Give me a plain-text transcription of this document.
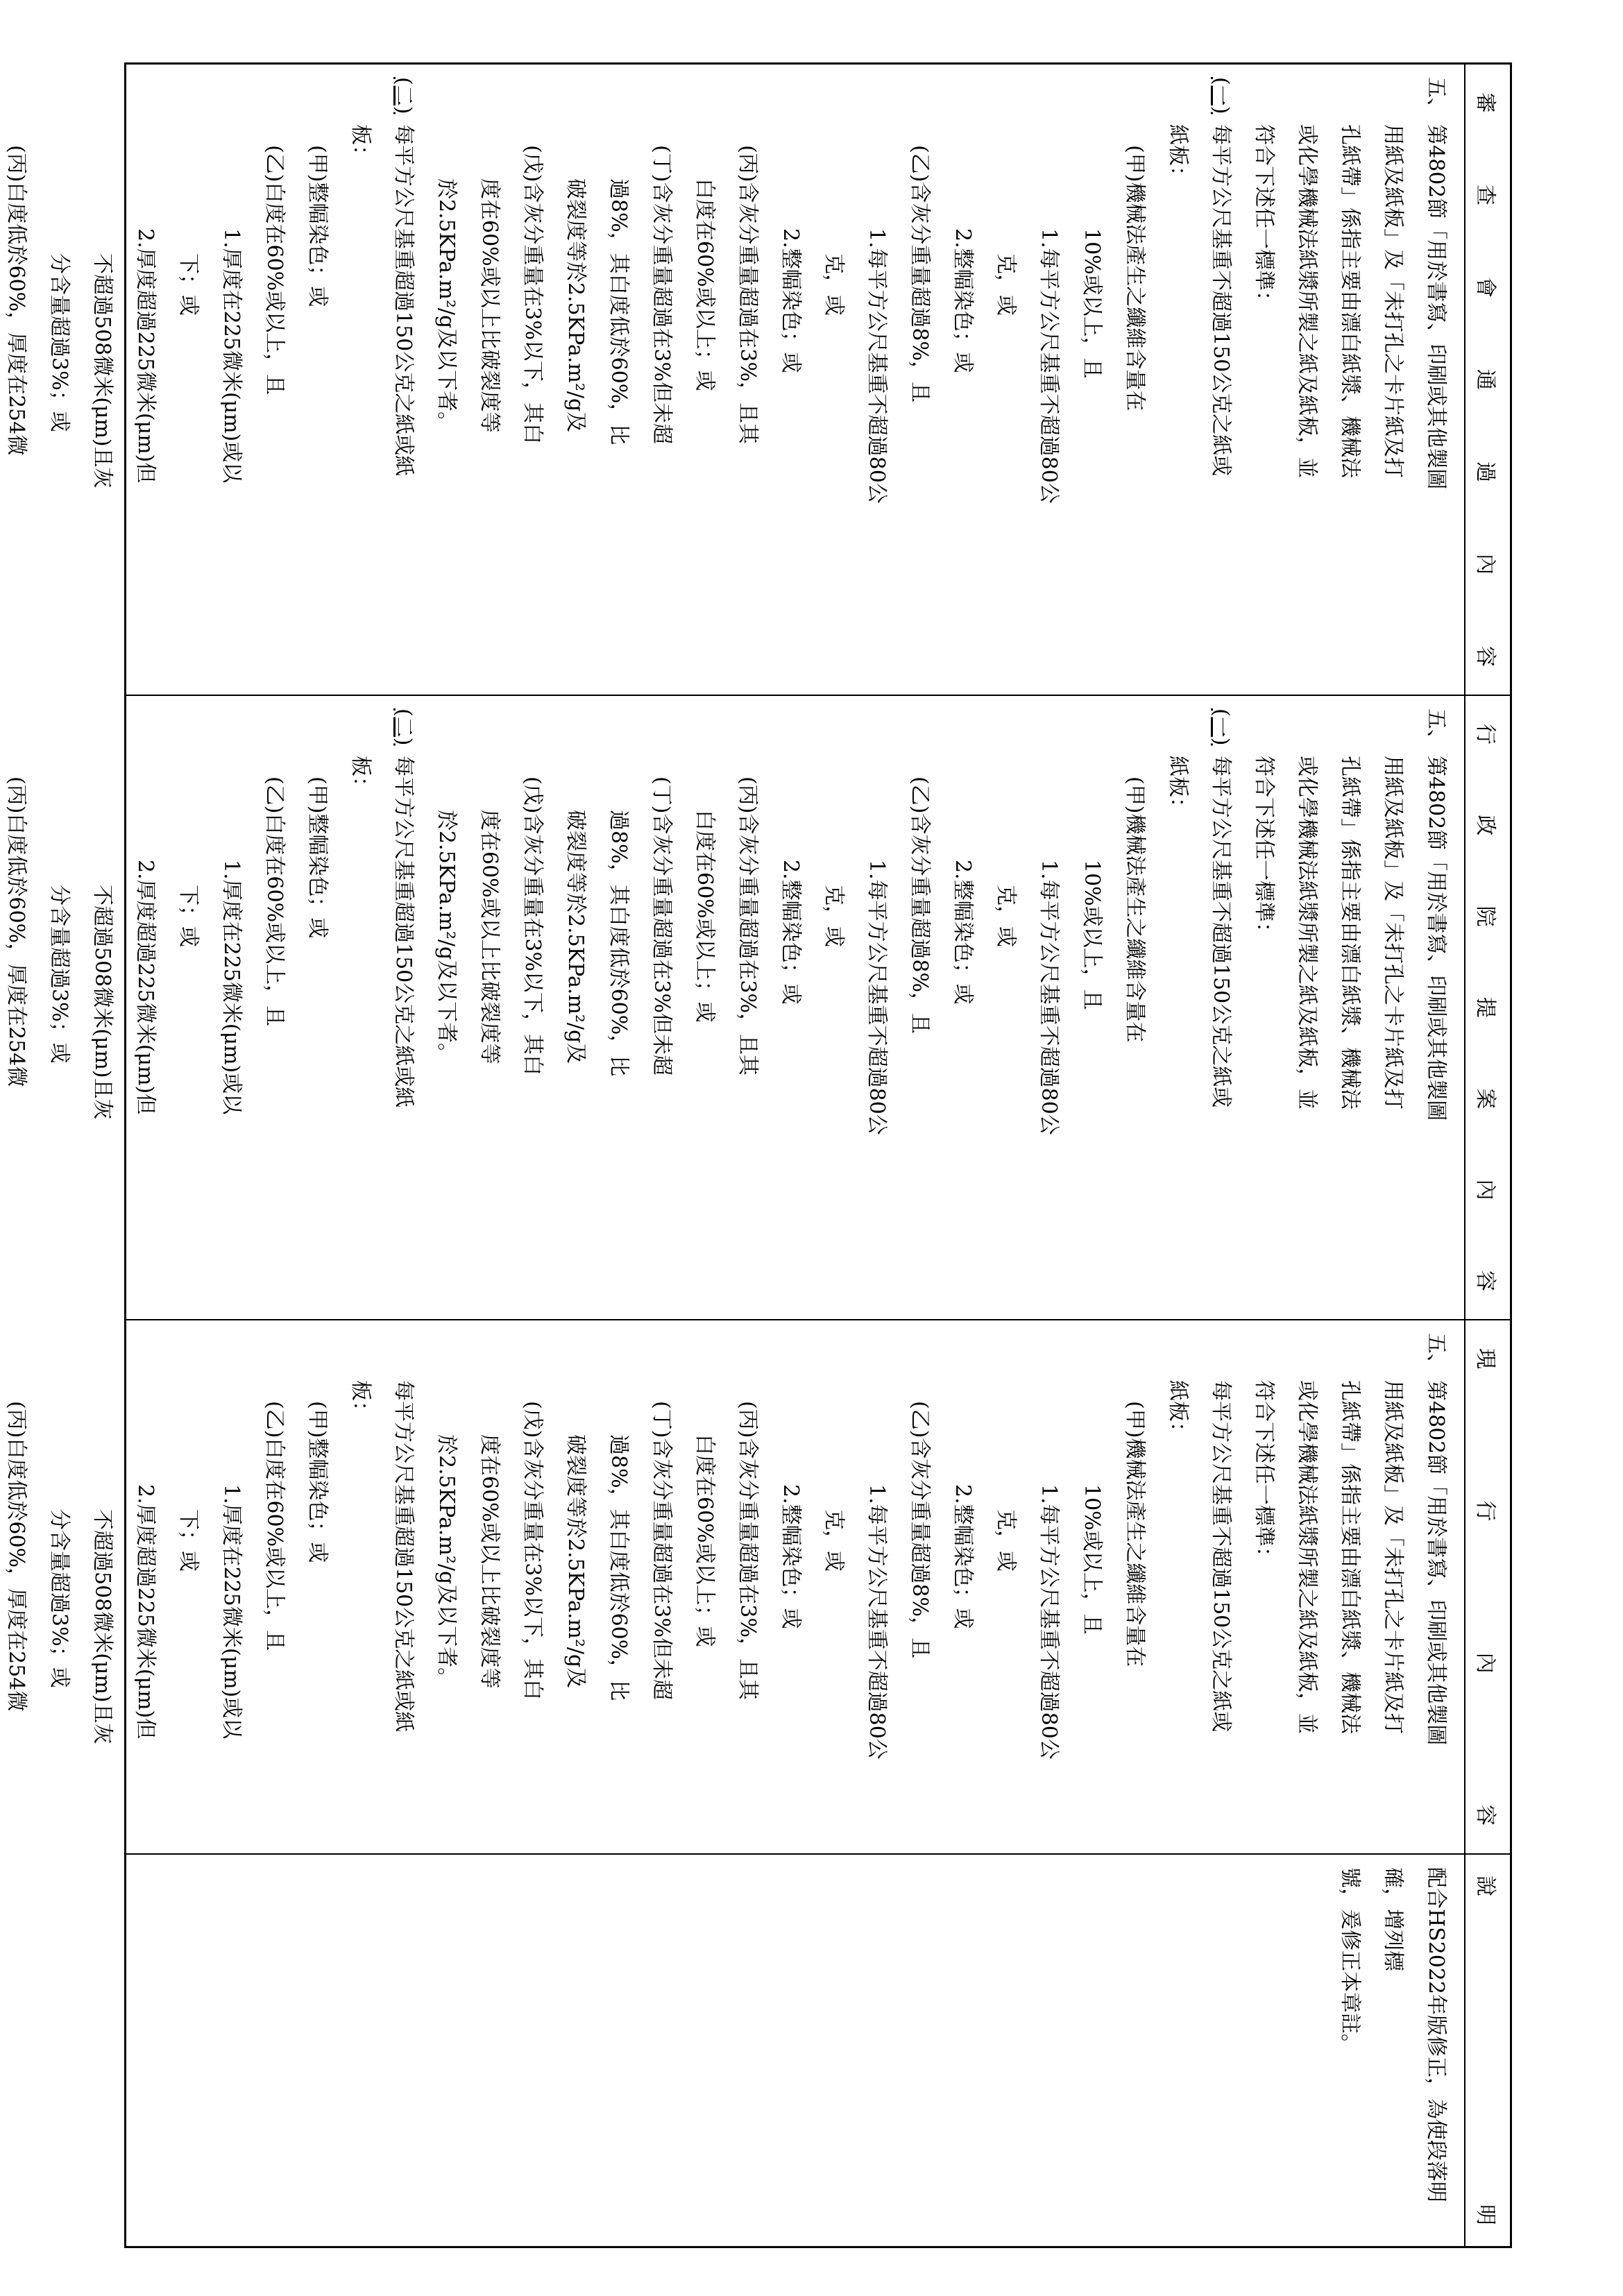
審
查
會
通
過
內
容
五、
第4802節「用於書寫、印刷或其他製圖
用紙及紙板」及「未打孔之卡片紙及打
孔紙帶」係指主要由漂白紙漿、機械法
或化學機械法紙漿所製之紙及紙板，並
符合下述任一標準：
(一)
每平方公尺基重不超過150公克之紙或
紙板：
(甲)機械法產生之纖維含量在
10%或以上，且
1.每平方公尺基重不超過80公
克，或
2.整幅染色；或
(乙)含灰分重量超過8%，且
1.每平方公尺基重不超過80公
克，或
2.整幅染色；或
(丙)含灰分重量超過在3%，且其
白度在60%或以上；或
(丁)含灰分重量超過在3%但未超
過8%，其白度低於60%，比
破裂度等於2.5KPa.m²/g及
(戊)含灰分重量在3%以下，其白
度在60%或以上比破裂度等
於2.5KPa.m²/g及以下者。
(二)
每平方公尺基重超過150公克之紙或紙
板：
(甲)整幅染色；或
(乙)白度在60%或以上，且
1.厚度在225微米(μm)或以
下；或
2.厚度超過225微米(μm)但
不超過508微米(μm)且灰
分含量超過3%；或
(丙)白度低於60%，厚度在254微
行
政
院
提
案
內
容
五、
第4802節「用於書寫、印刷或其他製圖
用紙及紙板」及「未打孔之卡片紙及打
孔紙帶」係指主要由漂白紙漿、機械法
或化學機械法紙漿所製之紙及紙板，並
符合下述任一標準：
(一)
每平方公尺基重不超過150公克之紙或
紙板：
(甲)機械法產生之纖維含量在
10%或以上，且
1.每平方公尺基重不超過80公
克，或
2.整幅染色；或
(乙)含灰分重量超過8%，且
1.每平方公尺基重不超過80公
克，或
2.整幅染色；或
(丙)含灰分重量超過在3%，且其
白度在60%或以上；或
(丁)含灰分重量超過在3%但未超
過8%，其白度低於60%，比
破裂度等於2.5KPa.m²/g及
(戊)含灰分重量在3%以下，其白
度在60%或以上比破裂度等
於2.5KPa.m²/g及以下者。
(二)
每平方公尺基重超過150公克之紙或紙
板：
(甲)整幅染色；或
(乙)白度在60%或以上，且
1.厚度在225微米(μm)或以
下；或
2.厚度超過225微米(μm)但
不超過508微米(μm)且灰
分含量超過3%；或
(丙)白度低於60%，厚度在254微
現
行
內
容
五、
第4802節「用於書寫、印刷或其他製圖
用紙及紙板」及「未打孔之卡片紙及打
孔紙帶」係指主要由漂白紙漿、機械法
或化學機械法紙漿所製之紙及紙板，並
符合下述任一標準：
每平方公尺基重不超過150公克之紙或
紙板：
(甲)機械法產生之纖維含量在
10%或以上，且
1.每平方公尺基重不超過80公
克，或
2.整幅染色；或
(乙)含灰分重量超過8%，且
1.每平方公尺基重不超過80公
克，或
2.整幅染色；或
(丙)含灰分重量超過在3%，且其
白度在60%或以上；或
(丁)含灰分重量超過在3%但未超
過8%，其白度低於60%，比
破裂度等於2.5KPa.m²/g及
(戊)含灰分重量在3%以下，其白
度在60%或以上比破裂度等
於2.5KPa.m²/g及以下者。
每平方公尺基重超過150公克之紙或紙
板：
(甲)整幅染色；或
(乙)白度在60%或以上，且
1.厚度在225微米(μm)或以
下；或
2.厚度超過225微米(μm)但
不超過508微米(μm)且灰
分含量超過3%；或
(丙)白度低於60%，厚度在254微
說
明
配合HS2022年版修正，為使段落明確，增列標
號，爰修正本章註。
